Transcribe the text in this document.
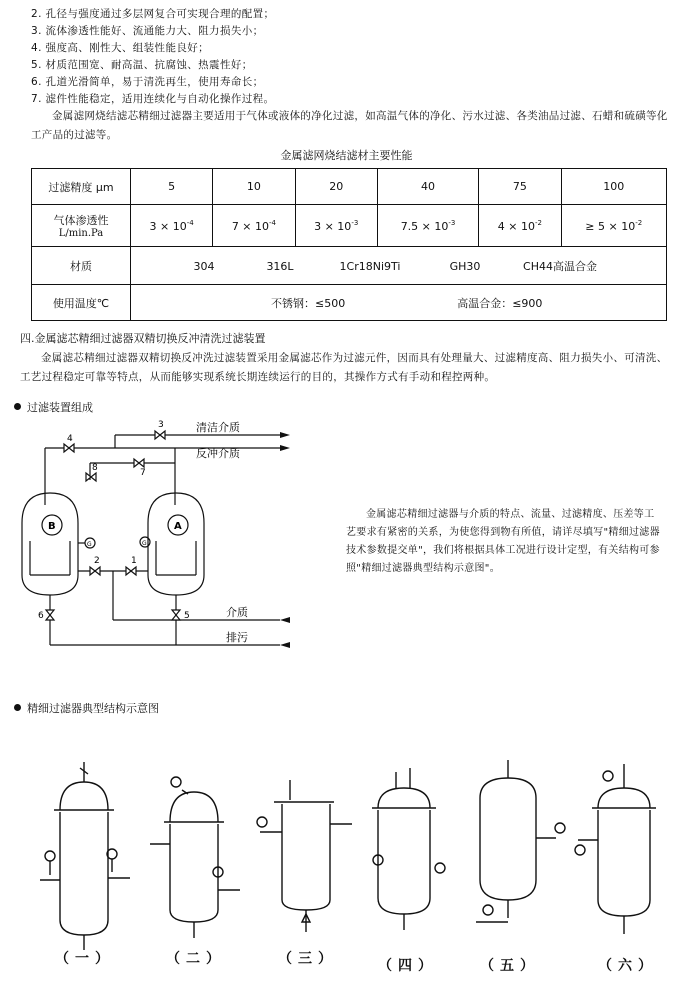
2. 孔径与强度通过多层网复合可实现合理的配置；
3. 流体渗透性能好、流通能力大、阻力损失小；
4. 强度高、刚性大、组装性能良好；
5. 材质范围宽、耐高温、抗腐蚀、热震性好；
6. 孔道光滑简单，易于清洗再生，使用寿命长；
7. 滤件性能稳定，适用连续化与自动化操作过程。
金属滤网烧结滤芯精细过滤器主要适用于气体或液体的净化过滤，如高温气体的净化、污水过滤、各类油品过滤、石蜡和硫磺等化工产品的过滤等。
金属滤网烧结滤材主要性能
过滤精度 μm	5	10	20	40	75	100

气体渗透性
L/min.Pa	$3 \times 10^{-4}$	$7 \times 10^{-4}$	$3 \times 10^{-3}$	$7.5 \times 10^{-3}$	$4 \times 10^{-2}$	≥ $5 \times 10^{-2}$
材质	304 316L 1Cr18Ni9Ti GH30 CH44高温合金					
使用温度℃	不锈钢：≤500 高温合金：≤900					
四.金属滤芯精细过滤器双精切换反冲清洗过滤装置
金属滤芯精细过滤器双精切换反冲洗过滤装置采用金属滤芯作为过滤元件，因而具有处理量大、过滤精度高、阻力损失小、可清洗、工艺过程稳定可靠等特点，从而能够实现系统长期连续运行的目的，其操作方式有手动和程控两种。
过滤装置组成
4
3
7
8
2	1
6	5
B	A
G	G
清洁介质
反冲介质
介质
排污
金属滤芯精细过滤器与介质的特点、流量、过滤精度、压差等工艺要求有紧密的关系，为使您得到物有所值，请详尽填写"精细过滤器技术参数提交单"，我们将根据具体工况进行设计定型，有关结构可参照"精细过滤器典型结构示意图"。
精细过滤器典型结构示意图
（一）	（二）	（三）	（四）	（五）	（六）
